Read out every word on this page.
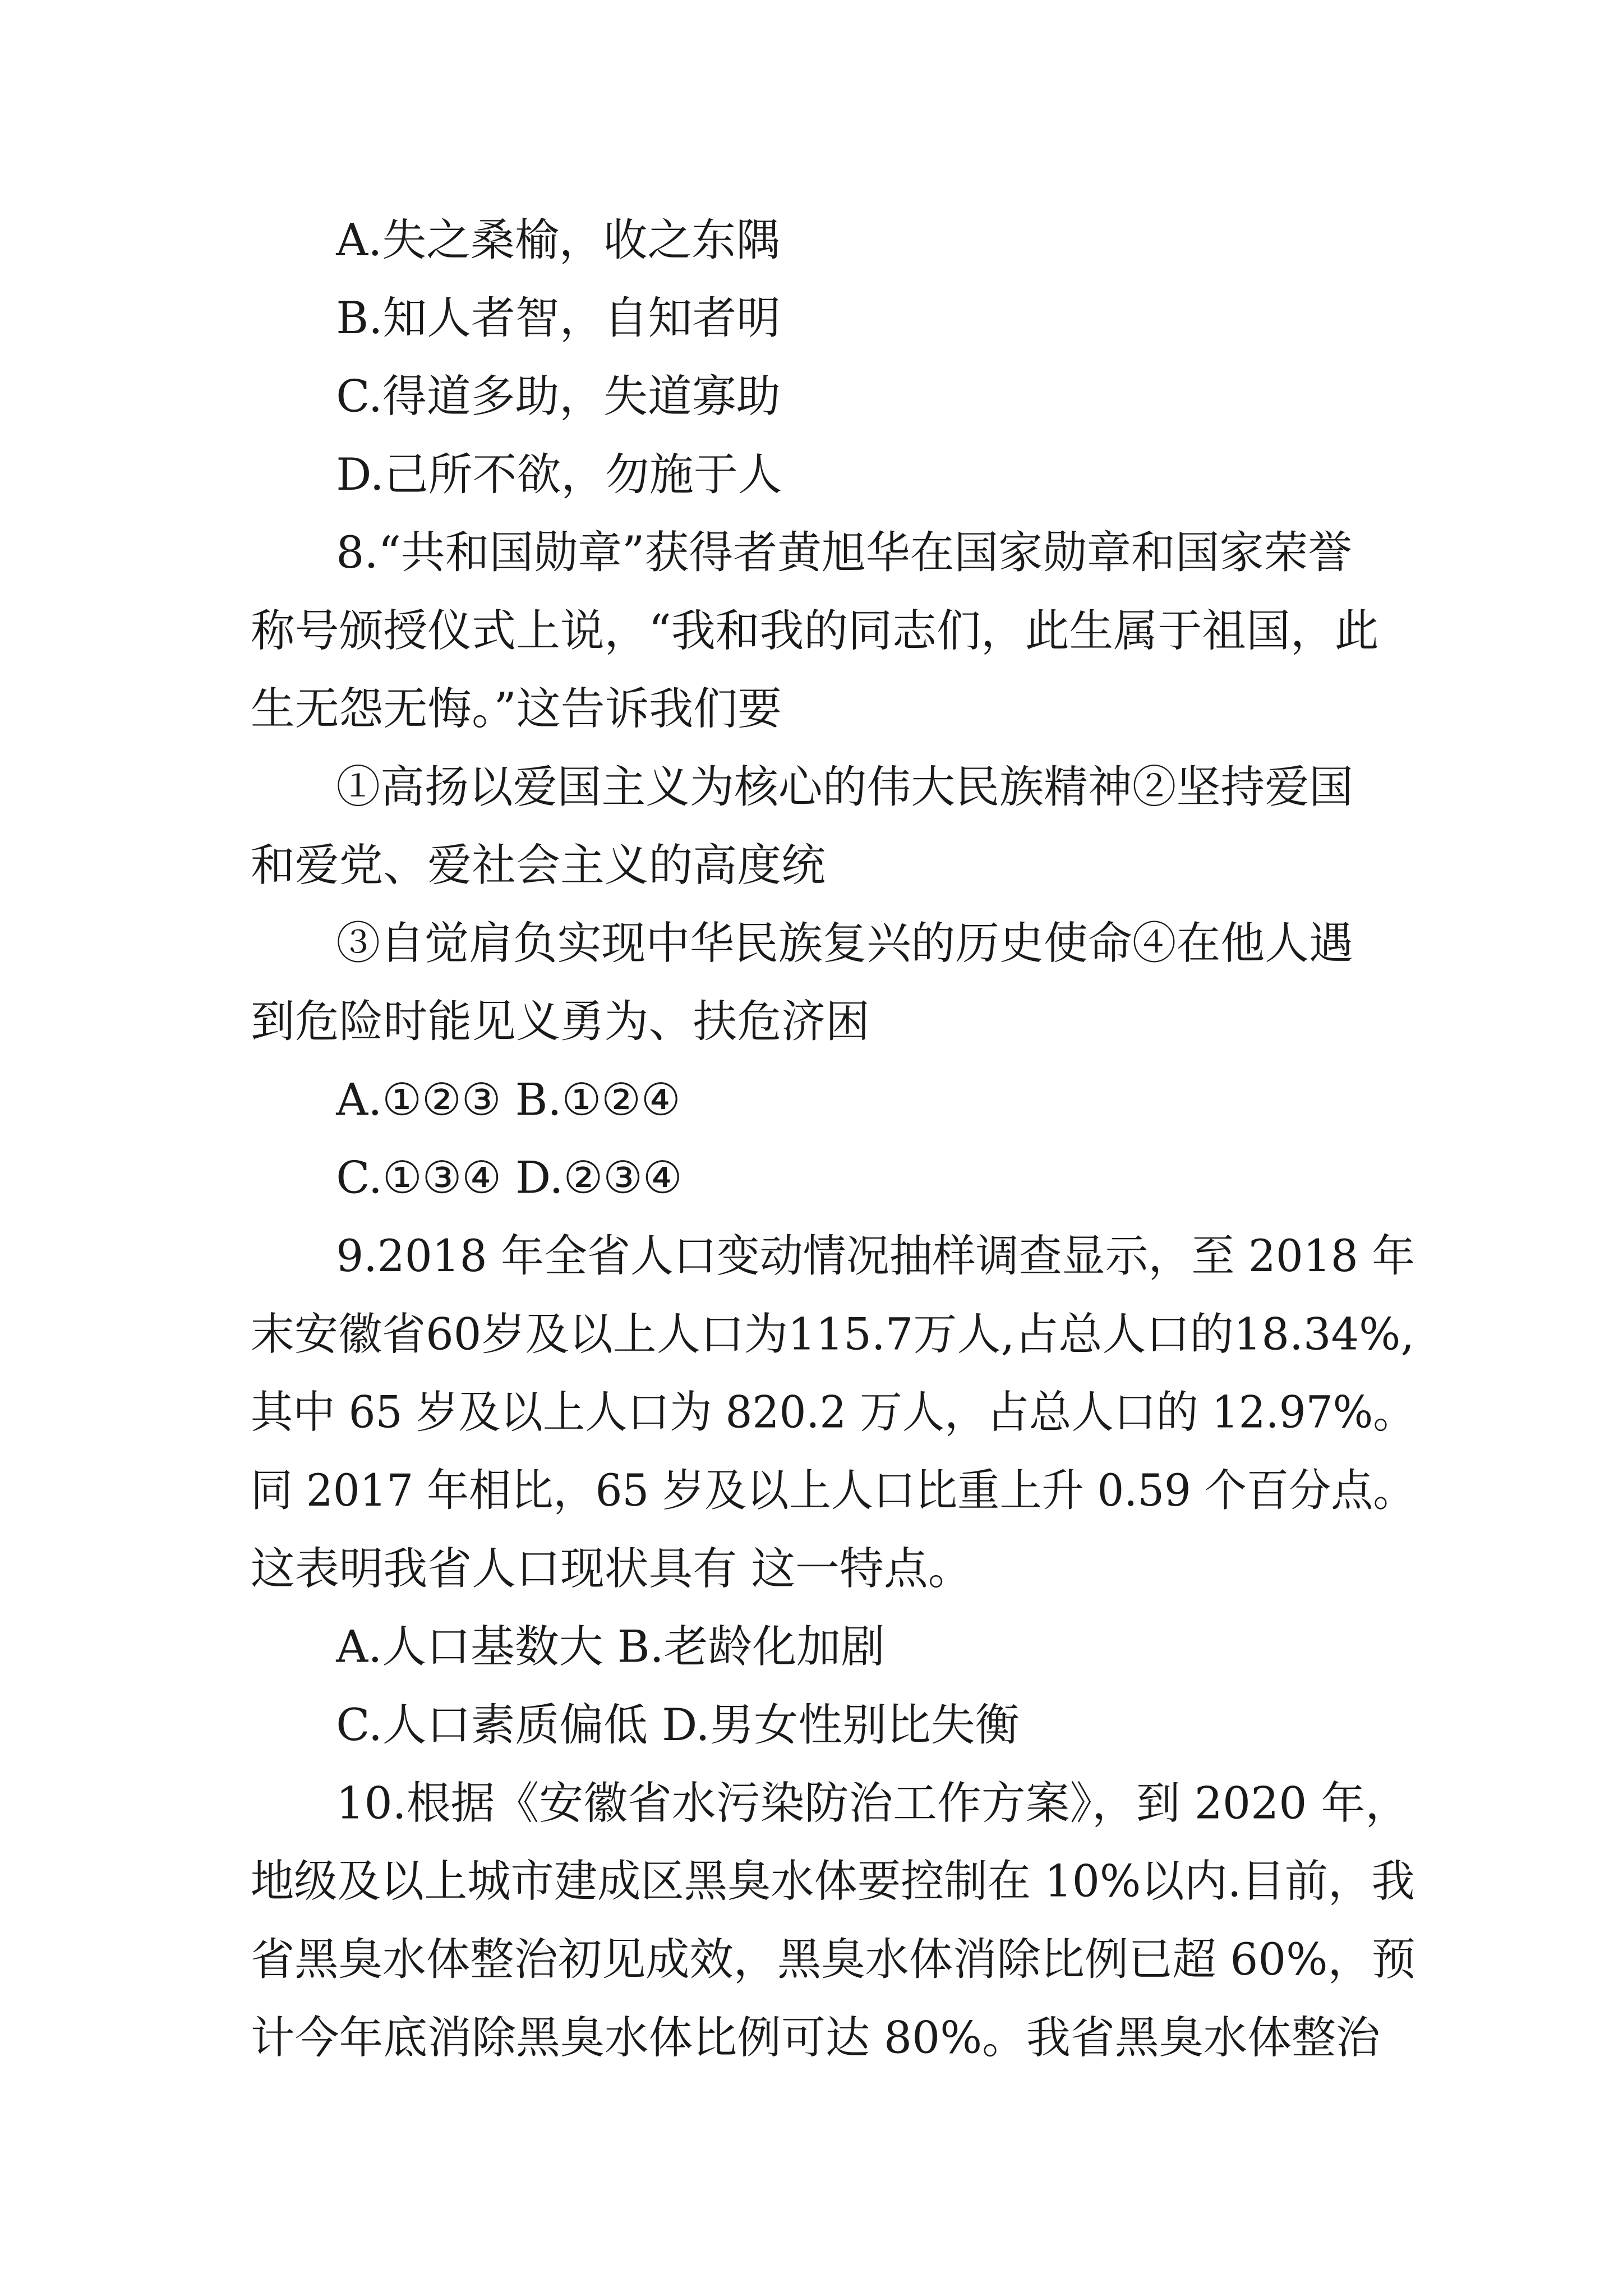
A.失之桑榆，收之东隅

B.知人者智，自知者明

C.得道多助，失道寡助

D.己所不欲，勿施于人

8.“共和国勋章”获得者黄旭华在国家勋章和国家荣誉

称号颁授仪式上说，“我和我的同志们，此生属于祖国，此

生无怨无悔。”这告诉我们要

①高扬以爱国主义为核心的伟大民族精神②坚持爱国

和爱党、爱社会主义的高度统

③自觉肩负实现中华民族复兴的历史使命④在他人遇

到危险时能见义勇为、扶危济困

A.①②③ B.①②④

C.①③④ D.②③④

9.2018 年全省人口变动情况抽样调查显示，至 2018 年

末安徽省60岁及以上人口为115.7万人,占总人口的18.34%,

其中 65 岁及以上人口为 820.2 万人，占总人口的 12.97%。

同 2017 年相比，65 岁及以上人口比重上升 0.59 个百分点。

这表明我省人口现状具有 这一特点。

A.人口基数大 B.老龄化加剧

C.人口素质偏低 D.男女性别比失衡

10.根据《安徽省水污染防治工作方案》，到 2020 年，

地级及以上城市建成区黑臭水体要控制在 10%以内.目前，我

省黑臭水体整治初见成效，黑臭水体消除比例已超 60%，预

计今年底消除黑臭水体比例可达 80%。我省黑臭水体整治
